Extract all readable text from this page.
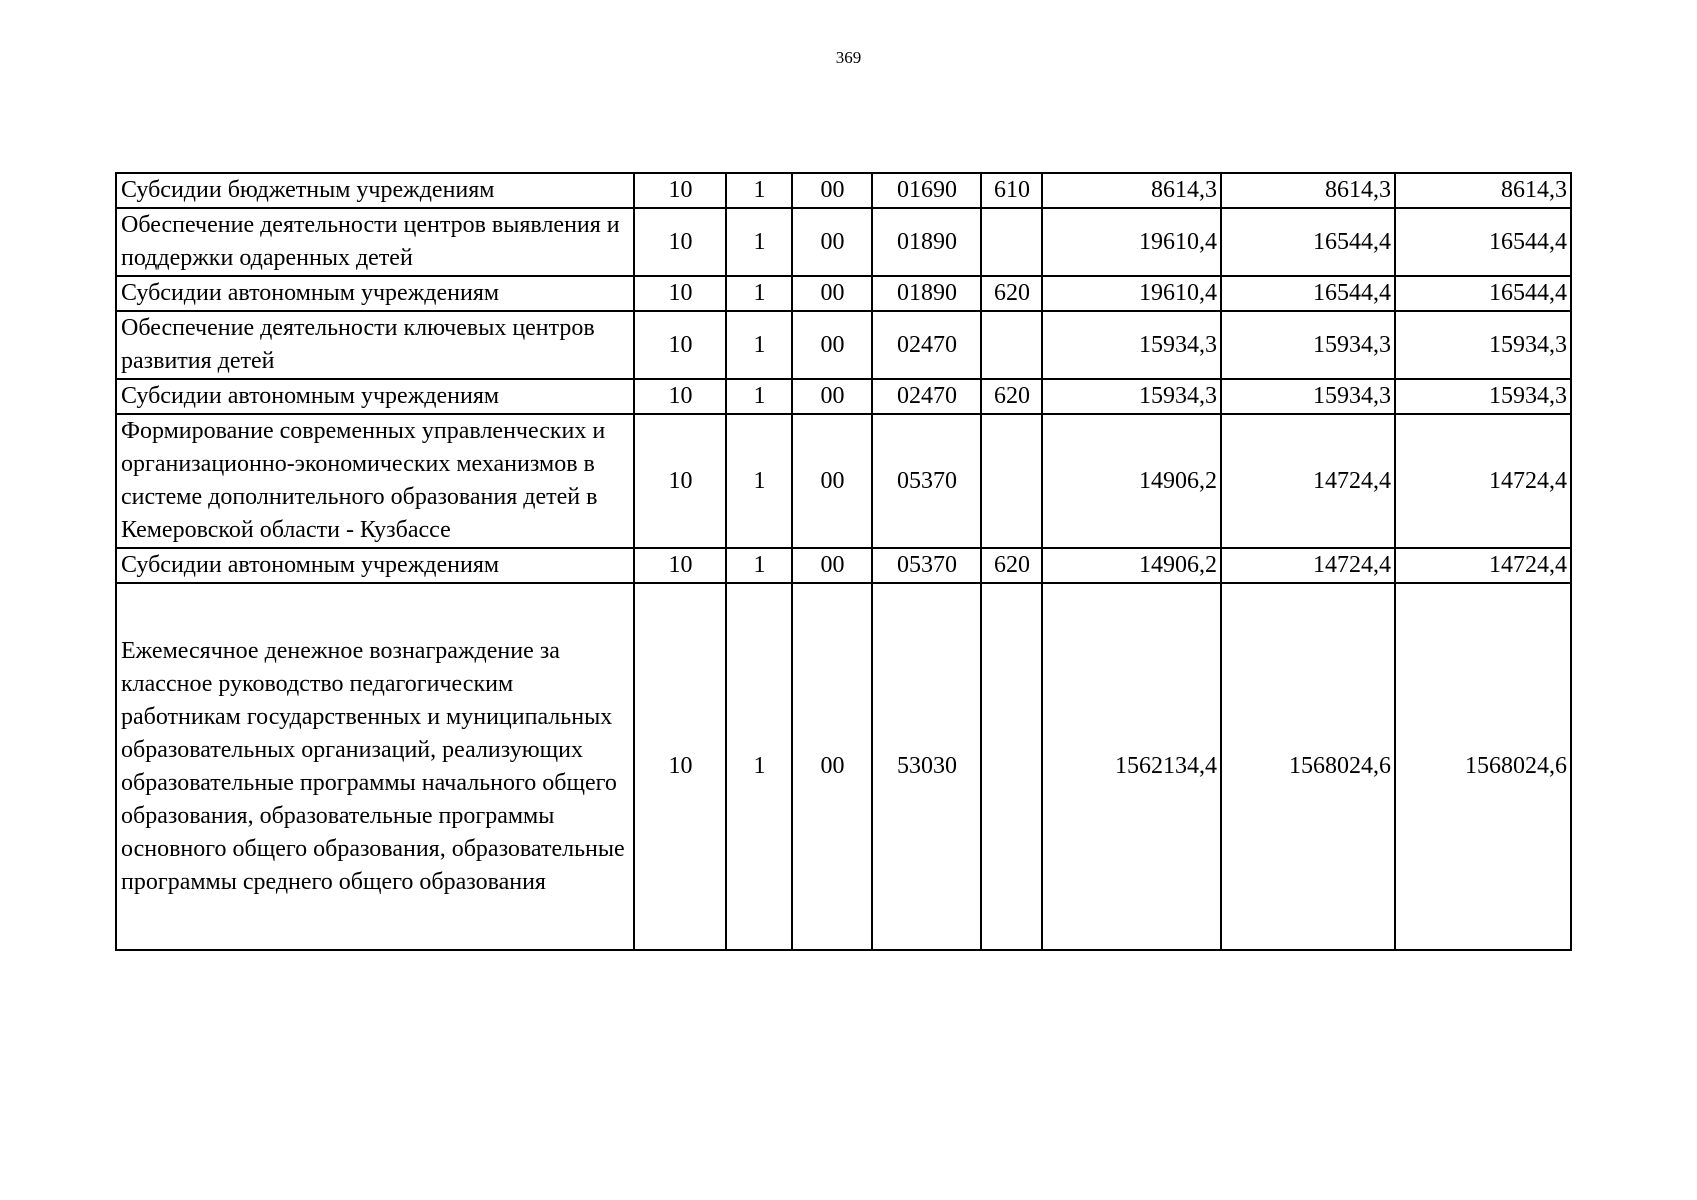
369
Субсидии бюджетным учреждениям	10	1	00	01690	610	8614,3	8614,3	8614,3
Обеспечение деятельности центров выявления и поддержки одаренных детей	10	1	00	01890		19610,4	16544,4	16544,4
Субсидии автономным учреждениям	10	1	00	01890	620	19610,4	16544,4	16544,4
Обеспечение деятельности ключевых центров развития детей	10	1	00	02470		15934,3	15934,3	15934,3
Субсидии автономным учреждениям	10	1	00	02470	620	15934,3	15934,3	15934,3
Формирование современных управленческих и организационно-экономических механизмов в системе дополнительного образования детей в Кемеровской области - Кузбассе	10	1	00	05370		14906,2	14724,4	14724,4
Субсидии автономным учреждениям	10	1	00	05370	620	14906,2	14724,4	14724,4
Ежемесячное денежное вознаграждение за классное руководство педагогическим работникам государственных и муниципальных образовательных организаций, реализующих образовательные программы начального общего образования, образовательные программы основного общего образования, образовательные программы среднего общего образования	10	1	00	53030		1562134,4	1568024,6	1568024,6
